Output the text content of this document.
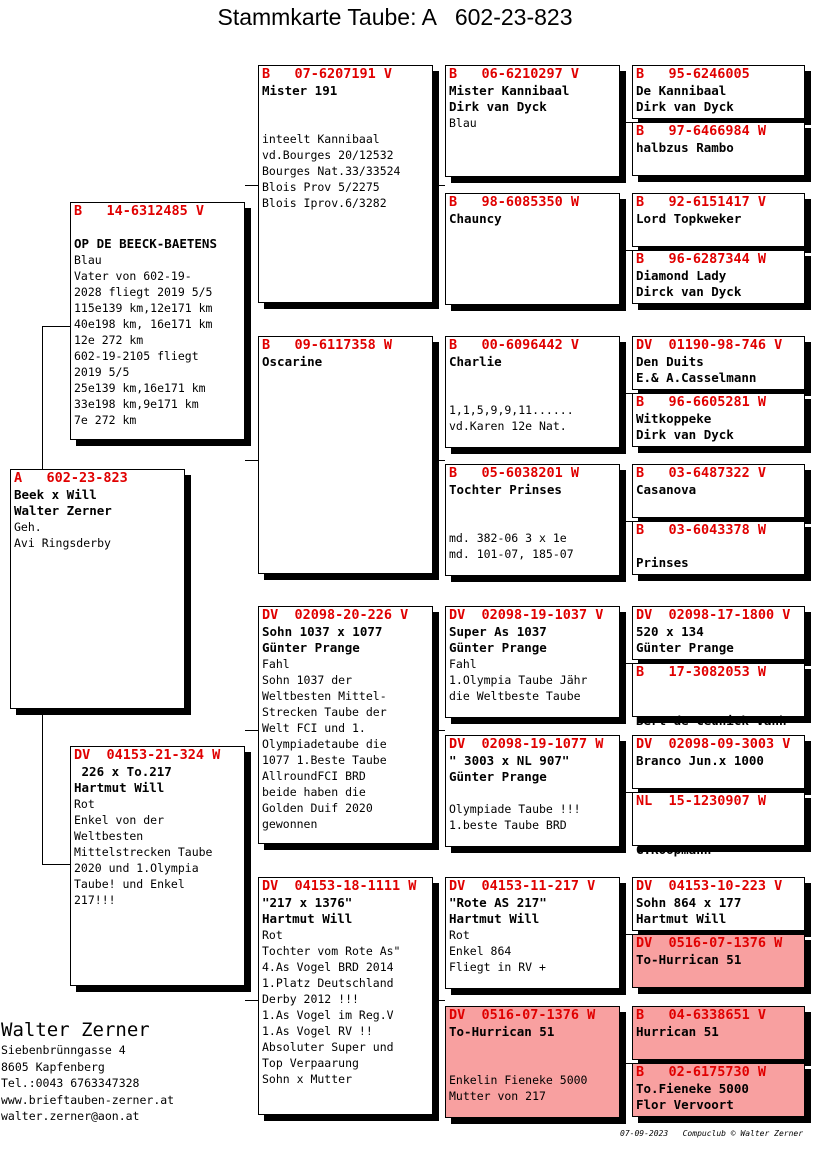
Stammkarte Taube: A   602-23-823
A   602-23-823
Beek x Will
Walter Zerner
Geh.
Avi Ringsderby
B   14-6312485 V

OP DE BEECK-BAETENS
Blau
Vater von 602-19-
2028 fliegt 2019 5/5
115e139 km,12e171 km
40e198 km, 16e171 km
12e 272 km
602-19-2105 fliegt
2019 5/5
25e139 km,16e171 km
33e198 km,9e171 km
7e 272 km
DV  04153-21-324 W
226 x To.217
Hartmut Will
Rot
Enkel von der
Weltbesten
Mittelstrecken Taube
2020 und 1.Olympia
Taube! und Enkel
217!!!
B   07-6207191 V
Mister 191

inteelt Kannibaal
vd.Bourges 20/12532
Bourges Nat.33/33524
Blois Prov 5/2275
Blois Iprov.6/3282
B   09-6117358 W
Oscarine
DV  02098-20-226 V
Sohn 1037 x 1077
Günter Prange
Fahl
Sohn 1037 der
Weltbesten Mittel-
Strecken Taube der
Welt FCI und 1.
Olympiadetaube die
1077 1.Beste Taube
AllroundFCI BRD
beide haben die
Golden Duif 2020
gewonnen
DV  04153-18-1111 W
"217 x 1376"
Hartmut Will
Rot
Tochter vom Rote As"
4.As Vogel BRD 2014
1.Platz Deutschland
Derby 2012 !!!
1.As Vogel im Reg.V
1.As Vogel RV !!
Absoluter Super und
Top Verpaarung
Sohn x Mutter
B   06-6210297 V
Mister Kannibaal
Dirk van Dyck
Blau
B   98-6085350 W
Chauncy
B   00-6096442 V
Charlie

1,1,5,9,9,11......
vd.Karen 12e Nat.
B   05-6038201 W
Tochter Prinses

md. 382-06 3 x 1e
md. 101-07, 185-07
DV  02098-19-1037 V
Super As 1037
Günter Prange
Fahl
1.Olympia Taube Jähr
die Weltbeste Taube
DV  02098-19-1077 W
" 3003 x NL 907"
Günter Prange

Olympiade Taube !!!
1.beste Taube BRD
DV  04153-11-217 V
"Rote AS 217"
Hartmut Will
Rot
Enkel 864
Fliegt in RV +
DV  0516-07-1376 W
To-Hurrican 51

Enkelin Fieneke 5000
Mutter von 217
B   95-6246005
De Kannibaal
Dirk van Dyck
B   97-6466984 W
halbzus Rambo
B   92-6151417 V
Lord Topkweker
B   96-6287344 W
Diamond Lady
Dirck van Dyck
DV  01190-98-746 V
Den Duits
E.& A.Casselmann
B   96-6605281 W
Witkoppeke
Dirk van Dyck
B   03-6487322 V
Casanova
B   03-6043378 W

Prinses
DV  02098-17-1800 V
520 x 134
Günter Prange
B   17-3082053 W

Bert de Ceunick-Vanh
DV  02098-09-3003 V
Branco Jun.x 1000
NL  15-1230907 W

G.Koopmann
DV  04153-10-223 V
Sohn 864 x 177
Hartmut Will
DV  0516-07-1376 W
To-Hurrican 51
B   04-6338651 V
Hurrican 51
B   02-6175730 W
To.Fieneke 5000
Flor Vervoort
Walter Zerner
Siebenbrünngasse 4
8605 Kapfenberg
Tel.:0043 6763347328
www.brieftauben-zerner.at
walter.zerner@aon.at
07-09-2023   Compuclub © Walter Zerner
